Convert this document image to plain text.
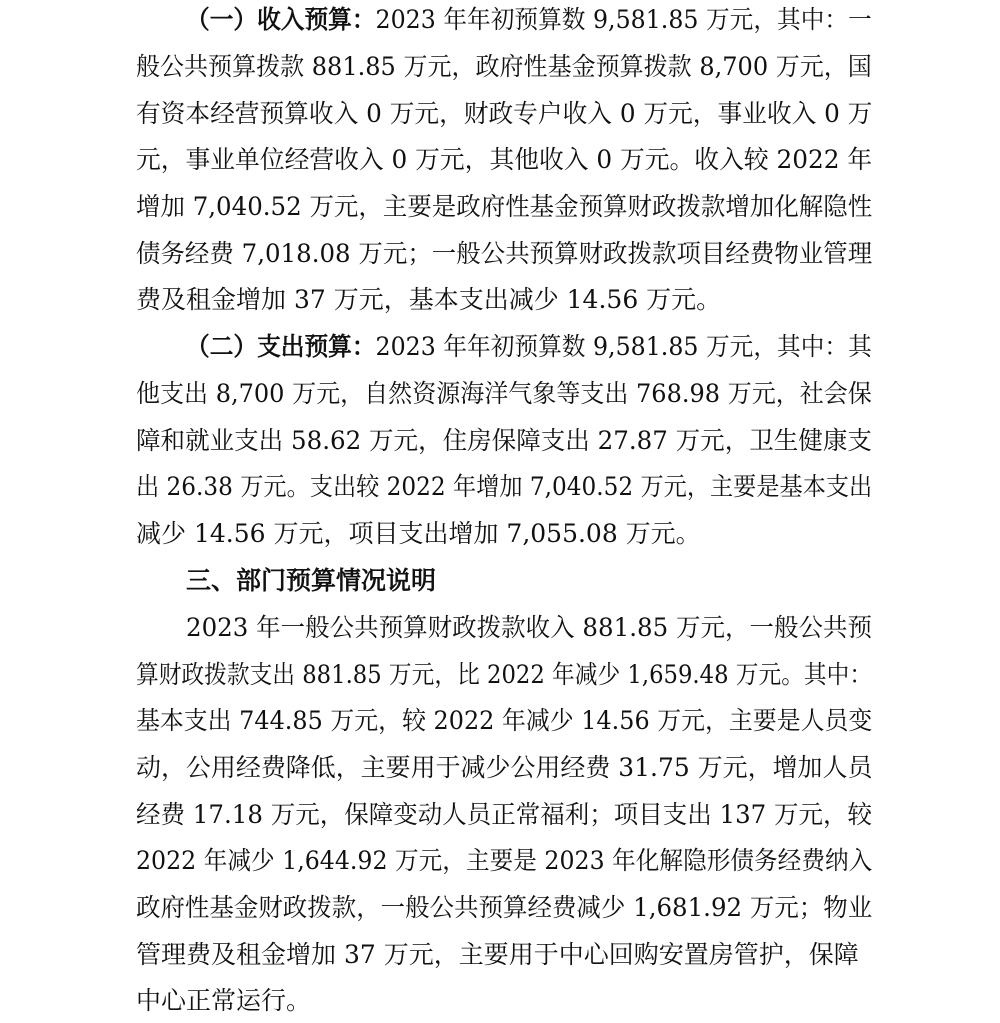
（一）收入预算：2023 年年初预算数 9,581.85 万元，其中：一
般公共预算拨款 881.85 万元，政府性基金预算拨款 8,700 万元，国
有资本经营预算收入 0 万元，财政专户收入 0 万元，事业收入 0 万
元，事业单位经营收入 0 万元，其他收入 0 万元。收入较 2022 年
增加 7,040.52 万元，主要是政府性基金预算财政拨款增加化解隐性
债务经费 7,018.08 万元；一般公共预算财政拨款项目经费物业管理
费及租金增加 37 万元，基本支出减少 14.56 万元。
（二）支出预算：2023 年年初预算数 9,581.85 万元，其中：其
他支出 8,700 万元，自然资源海洋气象等支出 768.98 万元，社会保
障和就业支出 58.62 万元，住房保障支出 27.87 万元，卫生健康支
出 26.38 万元。支出较 2022 年增加 7,040.52 万元，主要是基本支出
减少 14.56 万元，项目支出增加 7,055.08 万元。
三、部门预算情况说明
2023 年一般公共预算财政拨款收入 881.85 万元，一般公共预
算财政拨款支出 881.85 万元，比 2022 年减少 1,659.48 万元。其中：
基本支出 744.85 万元，较 2022 年减少 14.56 万元，主要是人员变
动，公用经费降低，主要用于减少公用经费 31.75 万元，增加人员
经费 17.18 万元，保障变动人员正常福利；项目支出 137 万元，较
2022 年减少 1,644.92 万元，主要是 2023 年化解隐形债务经费纳入
政府性基金财政拨款，一般公共预算经费减少 1,681.92 万元；物业
管理费及租金增加 37 万元，主要用于中心回购安置房管护，保障
中心正常运行。
